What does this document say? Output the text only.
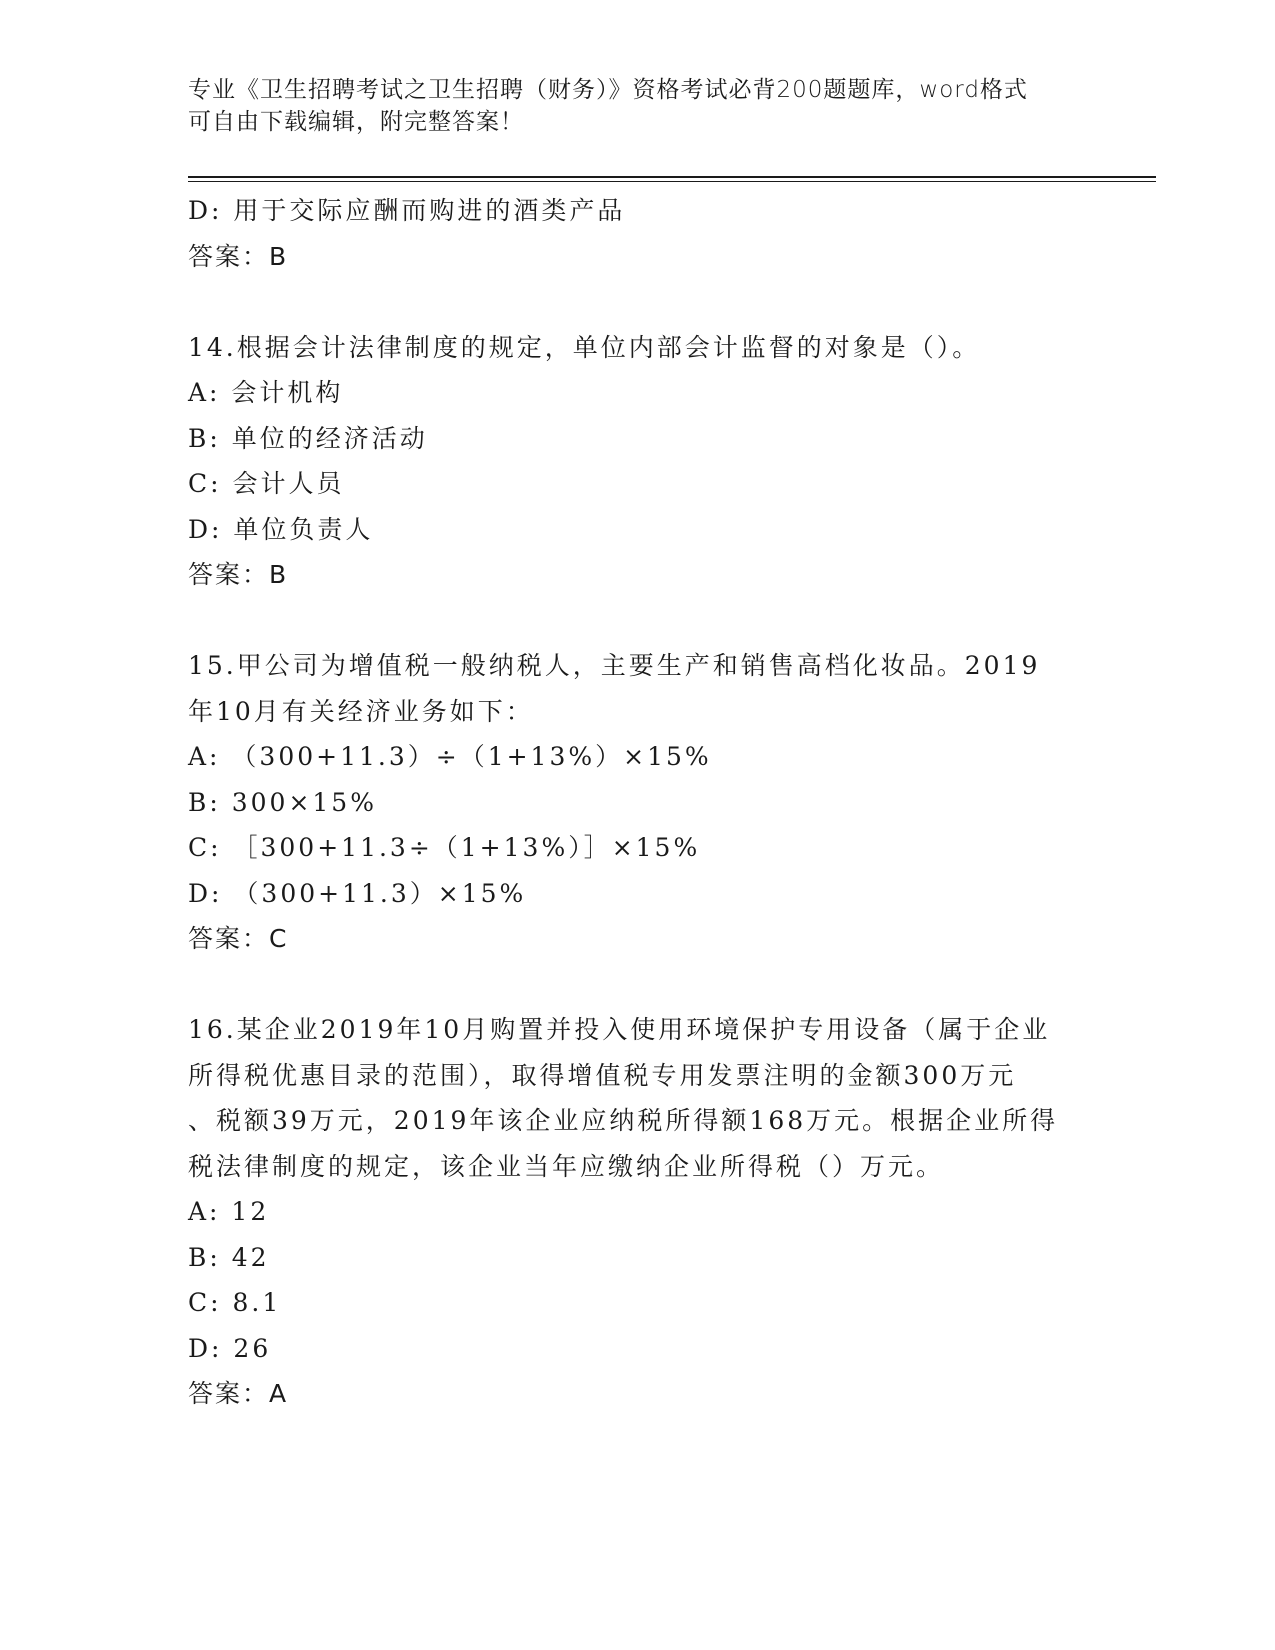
专业《卫生招聘考试之卫生招聘（财务）》资格考试必背200题题库，word格式
可自由下载编辑，附完整答案！
D: 用于交际应酬而购进的酒类产品
答案：B
14.根据会计法律制度的规定，单位内部会计监督的对象是（）。
A: 会计机构
B: 单位的经济活动
C: 会计人员
D: 单位负责人
答案：B
15.甲公司为增值税一般纳税人，主要生产和销售高档化妆品。2019
年10月有关经济业务如下：
A: （300+11.3）÷（1+13%）×15%
B: 300×15%
C: ［300+11.3÷（1+13%）］×15%
D: （300+11.3）×15%
答案：C
16.某企业2019年10月购置并投入使用环境保护专用设备（属于企业
所得税优惠目录的范围），取得增值税专用发票注明的金额300万元
、税额39万元，2019年该企业应纳税所得额168万元。根据企业所得
税法律制度的规定，该企业当年应缴纳企业所得税（）万元。
A: 12
B: 42
C: 8.1
D: 26
答案：A
